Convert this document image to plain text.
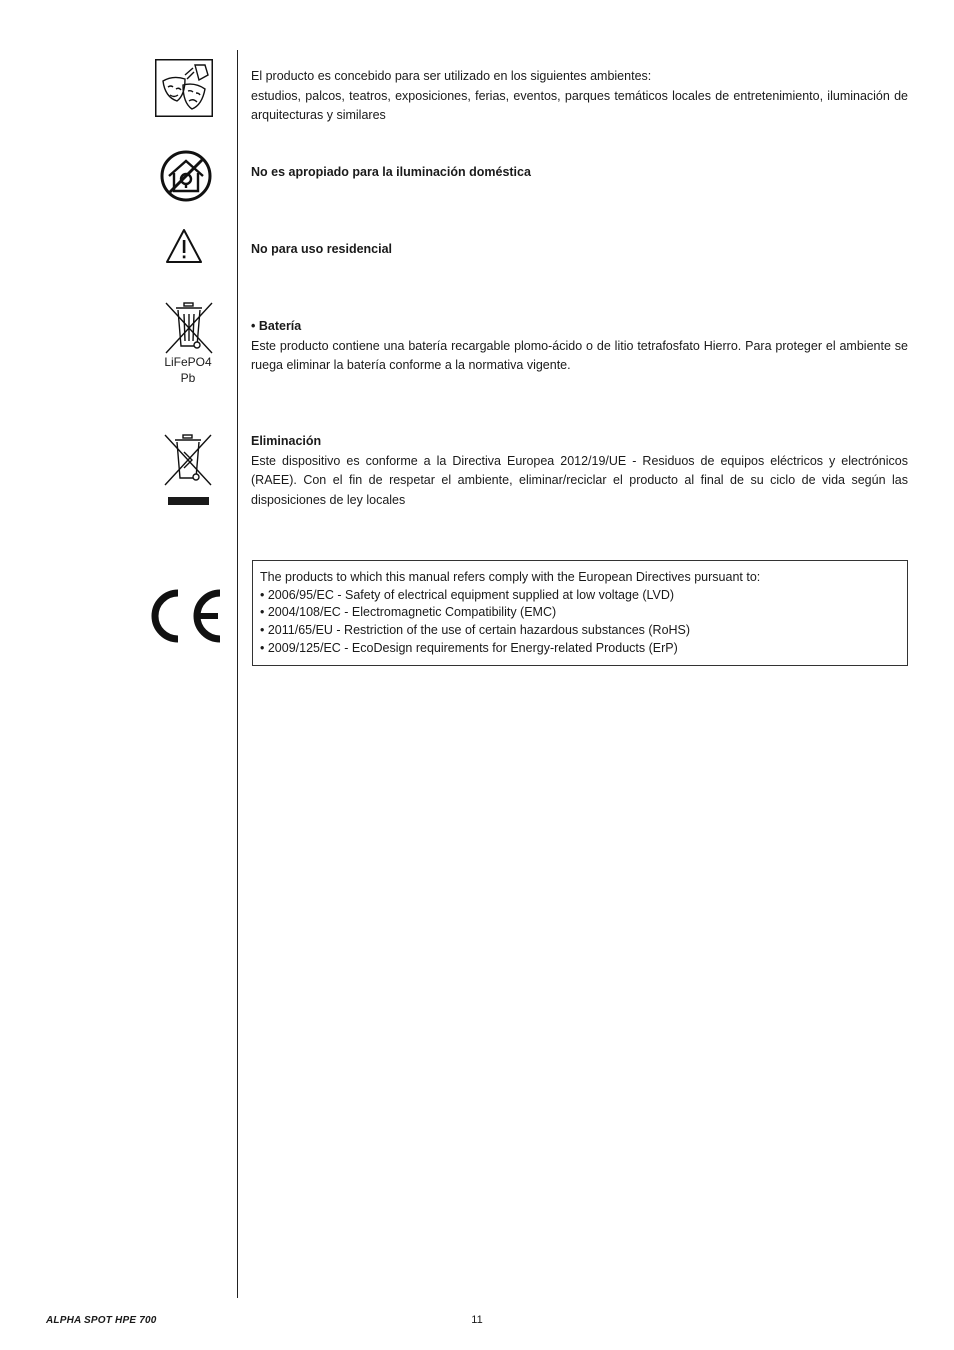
LiFePO4
Pb

El producto es concebido para ser utilizado en los siguientes ambientes:

estudios, palcos, teatros, exposiciones, ferias, eventos, parques temáticos locales de entretenimiento, iluminación de arquitecturas y similares

No es apropiado para la iluminación doméstica
No para uso residencial

• Batería

Este producto contiene una batería recargable plomo-ácido o de litio tetrafosfato Hierro. Para proteger el ambiente se ruega eliminar la batería conforme a la normativa vigente.

Eliminación

Este dispositivo es conforme a la Directiva Europea 2012/19/UE - Residuos de equipos eléctricos y electrónicos (RAEE). Con el fin de respetar el ambiente, eliminar/reciclar el producto al final de su ciclo de vida según las disposiciones de ley locales

The products to which this manual refers comply with the European Directives pursuant to:

• 2006/95/EC - Safety of electrical equipment supplied at low voltage (LVD)

• 2004/108/EC - Electromagnetic Compatibility (EMC)

• 2011/65/EU - Restriction of the use of certain hazardous substances (RoHS)

• 2009/125/EC - EcoDesign requirements for Energy-related Products (ErP)

ALPHA SPOT HPE 700	11
